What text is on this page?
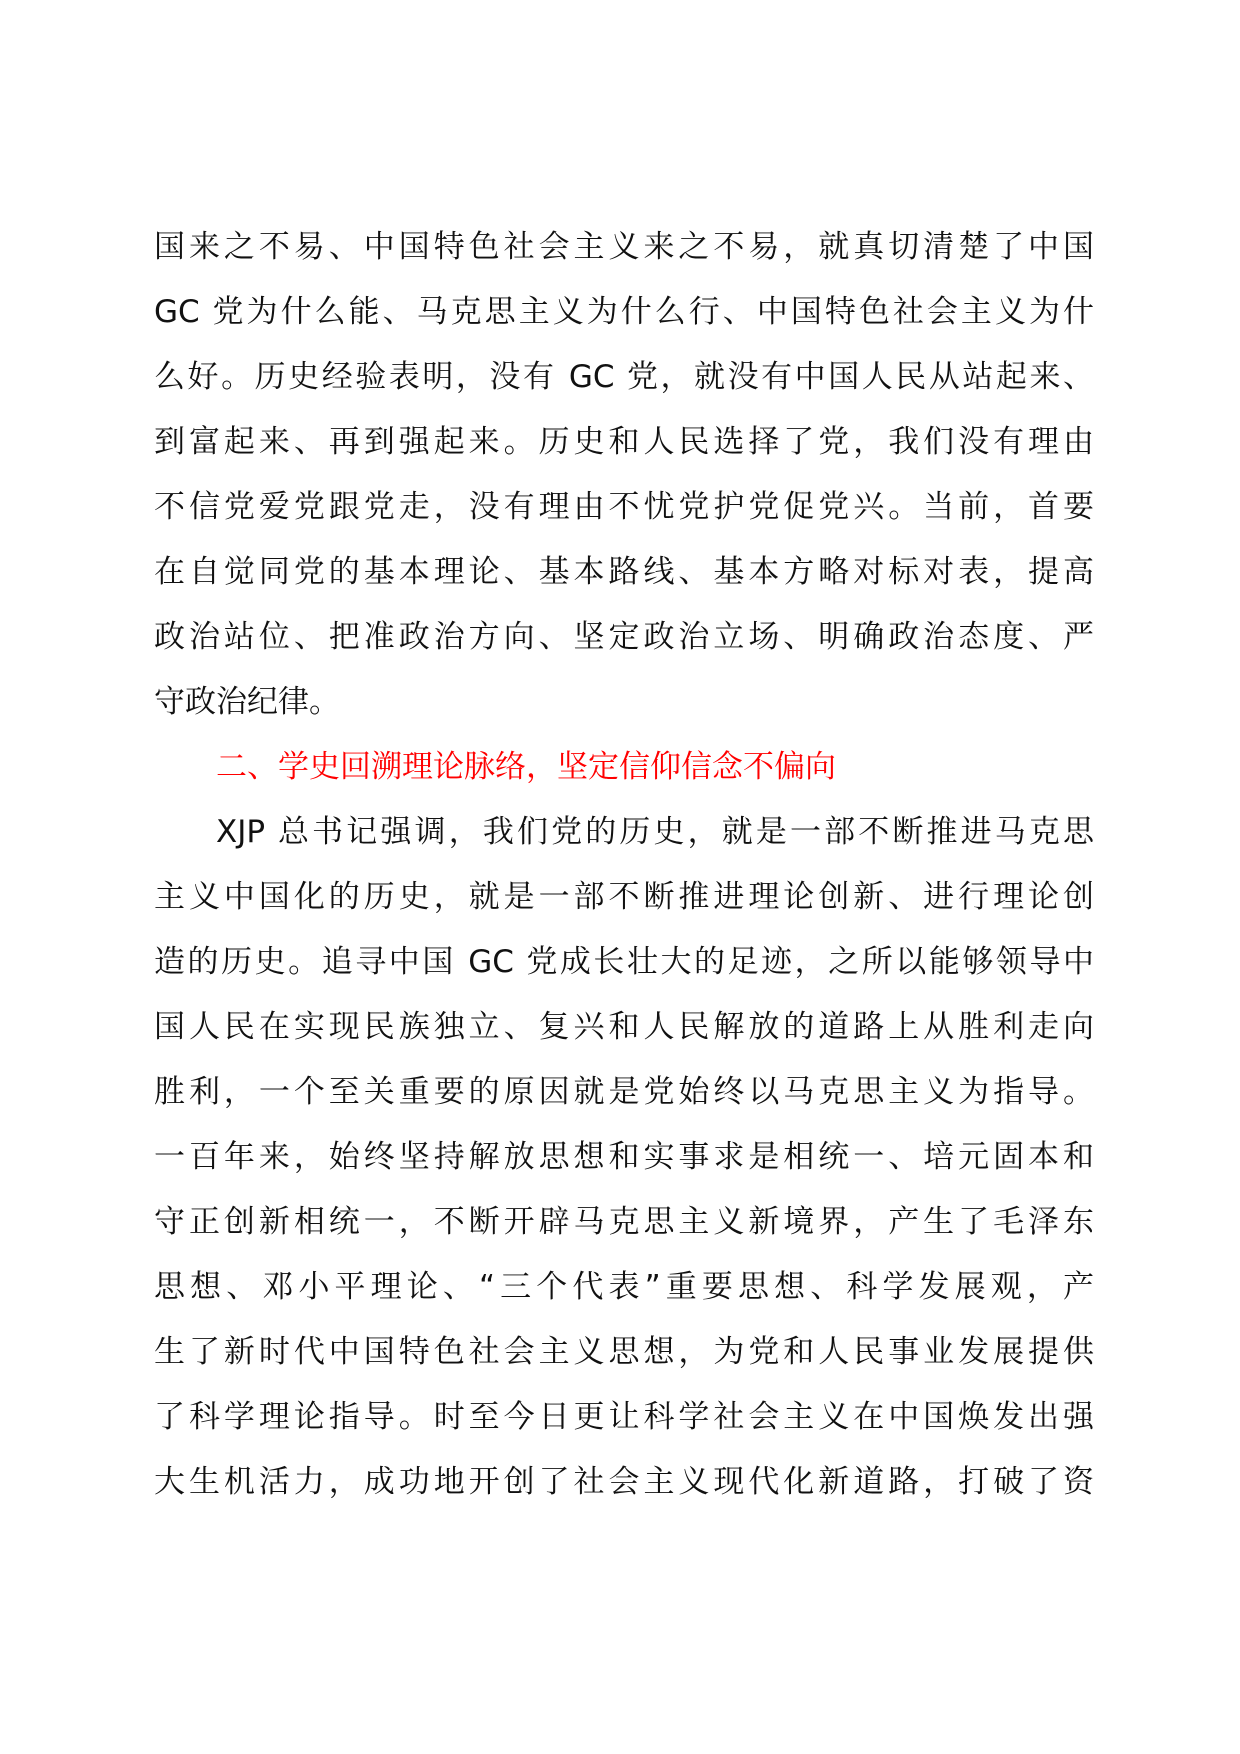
国来之不易、中国特色社会主义来之不易，就真切清楚了中国
GC 党为什么能、马克思主义为什么行、中国特色社会主义为什
么好。历史经验表明，没有 GC 党，就没有中国人民从站起来、
到富起来、再到强起来。历史和人民选择了党，我们没有理由
不信党爱党跟党走，没有理由不忧党护党促党兴。当前，首要
在自觉同党的基本理论、基本路线、基本方略对标对表，提高
政治站位、把准政治方向、坚定政治立场、明确政治态度、严
守政治纪律。
二、学史回溯理论脉络，坚定信仰信念不偏向
XJP 总书记强调，我们党的历史，就是一部不断推进马克思
主义中国化的历史，就是一部不断推进理论创新、进行理论创
造的历史。追寻中国 GC 党成长壮大的足迹，之所以能够领导中
国人民在实现民族独立、复兴和人民解放的道路上从胜利走向
胜利，一个至关重要的原因就是党始终以马克思主义为指导。
一百年来，始终坚持解放思想和实事求是相统一、培元固本和
守正创新相统一，不断开辟马克思主义新境界，产生了毛泽东
思想、邓小平理论、“三个代表”重要思想、科学发展观，产
生了新时代中国特色社会主义思想，为党和人民事业发展提供
了科学理论指导。时至今日更让科学社会主义在中国焕发出强
大生机活力，成功地开创了社会主义现代化新道路，打破了资
